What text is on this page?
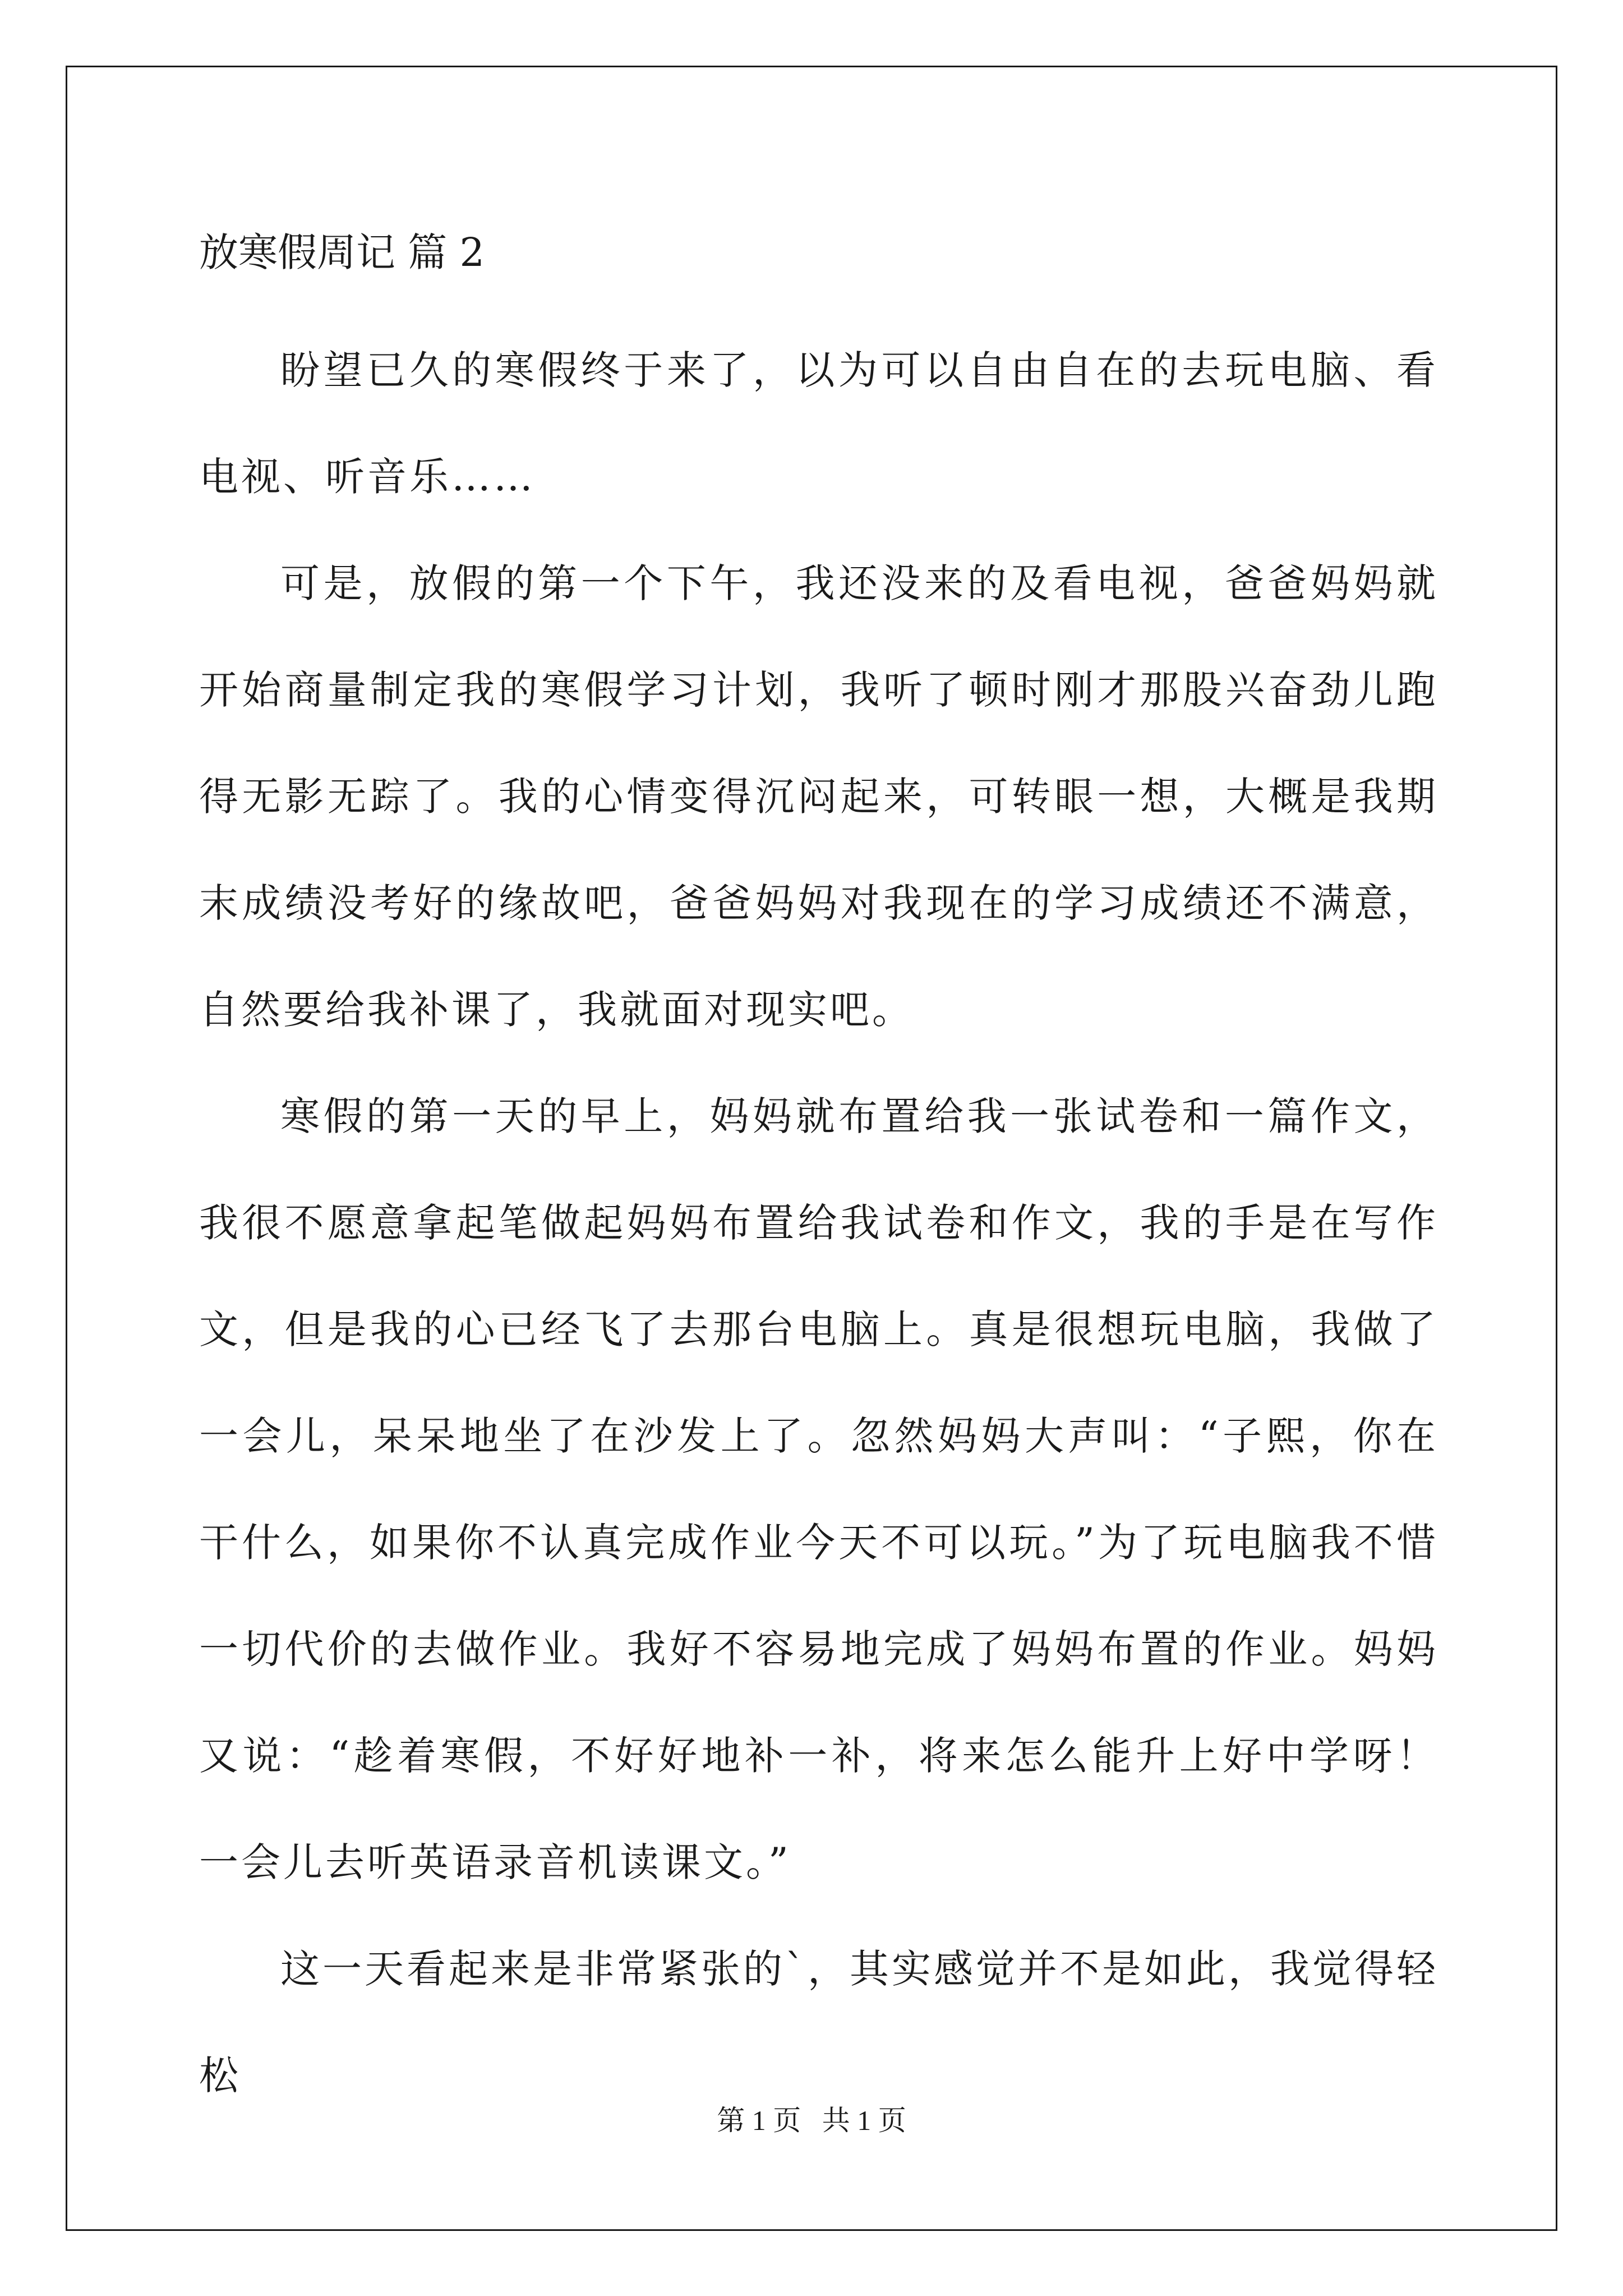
放寒假周记 篇 2

盼望已久的寒假终于来了，以为可以自由自在的去玩电脑、看电视、听音乐……

可是，放假的第一个下午，我还没来的及看电视，爸爸妈妈就开始商量制定我的寒假学习计划，我听了顿时刚才那股兴奋劲儿跑得无影无踪了。我的心情变得沉闷起来，可转眼一想，大概是我期末成绩没考好的缘故吧，爸爸妈妈对我现在的学习成绩还不满意，自然要给我补课了，我就面对现实吧。

寒假的第一天的早上，妈妈就布置给我一张试卷和一篇作文，我很不愿意拿起笔做起妈妈布置给我试卷和作文，我的手是在写作文，但是我的心已经飞了去那台电脑上。真是很想玩电脑，我做了一会儿，呆呆地坐了在沙发上了。忽然妈妈大声叫：“子熙，你在干什么，如果你不认真完成作业今天不可以玩。”为了玩电脑我不惜一切代价的去做作业。我好不容易地完成了妈妈布置的作业。妈妈又说：“趁着寒假，不好好地补一补，将来怎么能升上好中学呀！一会儿去听英语录音机读课文。”

这一天看起来是非常紧张的`，其实感觉并不是如此，我觉得轻松

第 1 页   共 1 页
